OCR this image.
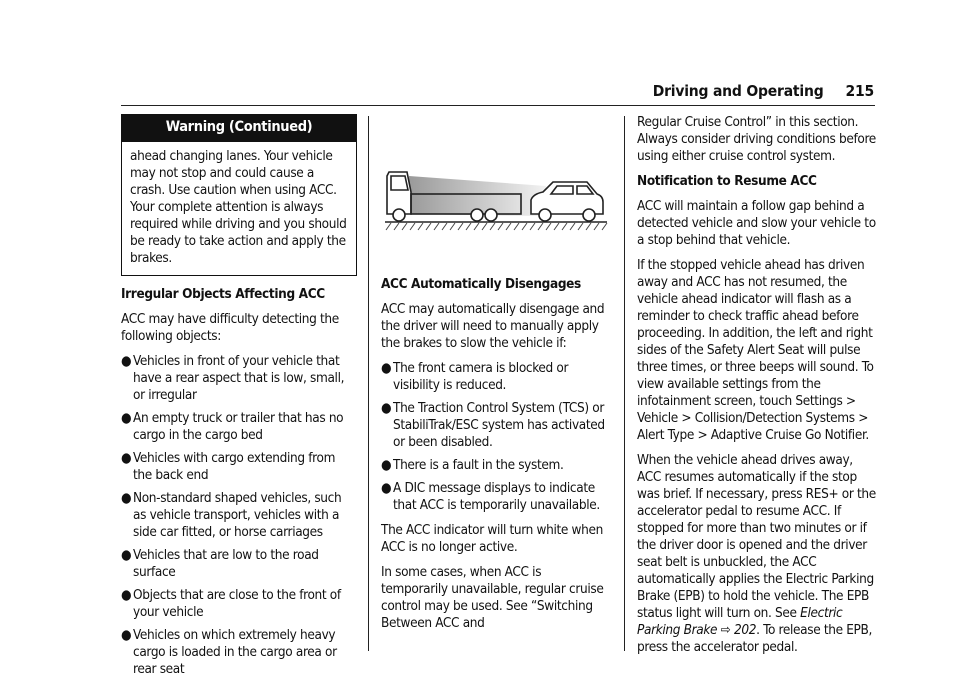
Driving and Operating 215
Warning (Continued)
ahead changing lanes. Your vehicle may not stop and could cause a crash. Use caution when using ACC. Your complete attention is always required while driving and you should be ready to take action and apply the brakes.
Irregular Objects Affecting ACC

ACC may have difficulty detecting the following objects:

● Vehicles in front of your vehicle that have a rear aspect that is low, small, or irregular
● An empty truck or trailer that has no cargo in the cargo bed
● Vehicles with cargo extending from the back end
● Non-standard shaped vehicles, such as vehicle transport, vehicles with a side car fitted, or horse carriages
● Vehicles that are low to the road surface
● Objects that are close to the front of your vehicle
● Vehicles on which extremely heavy cargo is loaded in the cargo area or rear seat
ACC Automatically Disengages

ACC may automatically disengage and the driver will need to manually apply the brakes to slow the vehicle if:

● The front camera is blocked or visibility is reduced.
● The Traction Control System (TCS) or StabiliTrak/ESC system has activated or been disabled.
● There is a fault in the system.
● A DIC message displays to indicate that ACC is temporarily unavailable.

The ACC indicator will turn white when ACC is no longer active.

In some cases, when ACC is temporarily unavailable, regular cruise control may be used. See “Switching Between ACC and

Regular Cruise Control” in this section. Always consider driving conditions before using either cruise control system.

Notification to Resume ACC

ACC will maintain a follow gap behind a detected vehicle and slow your vehicle to a stop behind that vehicle.

If the stopped vehicle ahead has driven away and ACC has not resumed, the vehicle ahead indicator will flash as a reminder to check traffic ahead before proceeding. In addition, the left and right sides of the Safety Alert Seat will pulse three times, or three beeps will sound. To view available settings from the infotainment screen, touch Settings > Vehicle > Collision/Detection Systems > Alert Type > Adaptive Cruise Go Notifier.

When the vehicle ahead drives away, ACC resumes automatically if the stop was brief. If necessary, press RES+ or the accelerator pedal to resume ACC. If stopped for more than two minutes or if the driver door is opened and the driver seat belt is unbuckled, the ACC automatically applies the Electric Parking Brake (EPB) to hold the vehicle. The EPB status light will turn on. See Electric Parking Brake ⇨ 202. To release the EPB, press the accelerator pedal.
